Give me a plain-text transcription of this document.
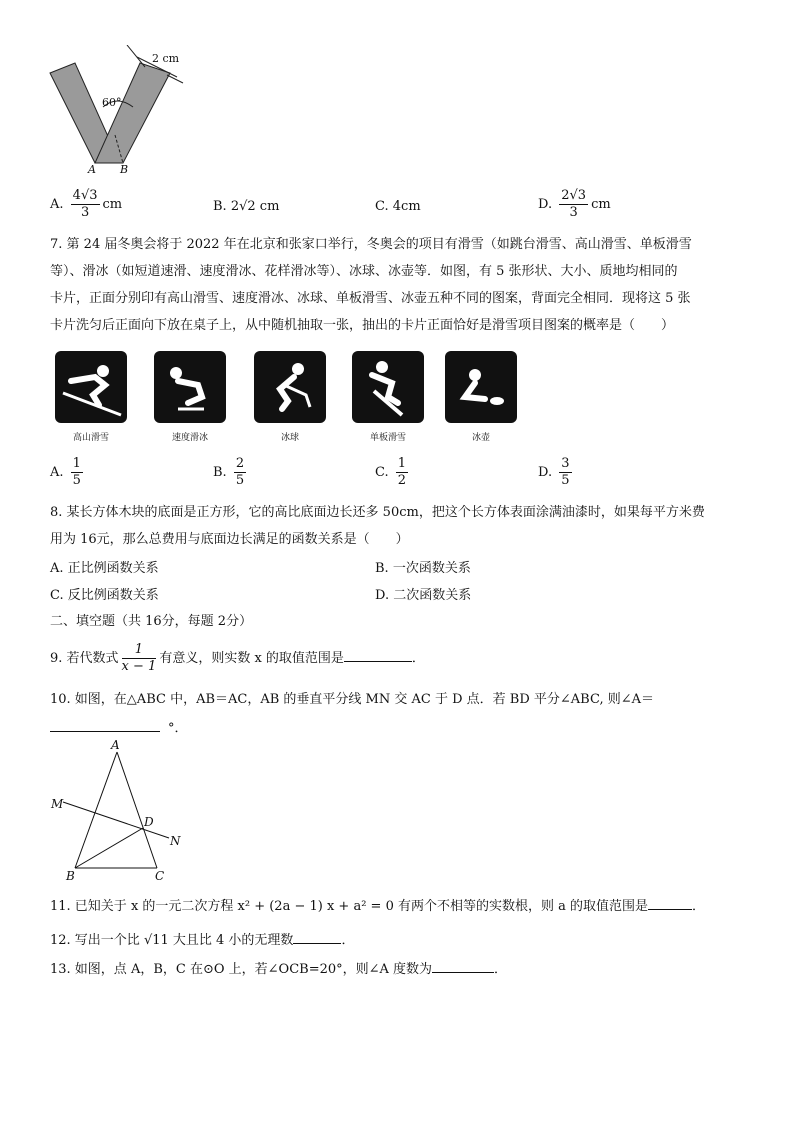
60°
2 cm
A B
A. $\frac{4√3}{3}$ cm	B. 2√2 cm	C. 4cm	D. $\frac{2√3}{3}$ cm
7. 第 24 届冬奥会将于 2022 年在北京和张家口举行，冬奥会的项目有滑雪（如跳台滑雪、高山滑雪、单板滑雪
等）、滑冰（如短道速滑、速度滑冰、花样滑冰等）、冰球、冰壶等．如图，有 5 张形状、大小、质地均相同的
卡片，正面分别印有高山滑雪、速度滑冰、冰球、单板滑雪、冰壶五种不同的图案，背面完全相同．现将这 5 张
卡片洗匀后正面向下放在桌子上，从中随机抽取一张，抽出的卡片正面恰好是滑雪项目图案的概率是（　　）
高山滑雪	速度滑冰	冰球	单板滑雪	冰壶
A. $\frac{1}{5}$	B. $\frac{2}{5}$	C. $\frac{1}{2}$	D. $\frac{3}{5}$
8. 某长方体木块的底面是正方形，它的高比底面边长还多 50cm，把这个长方体表面涂满油漆时，如果每平方米费
用为 16元，那么总费用与底面边长满足的函数关系是（　　）
A. 正比例函数关系	B. 一次函数关系
C. 反比例函数关系	D. 二次函数关系
二、填空题（共 16分，每题 2分）
9. 若代数式 $\frac{1}{x - 1}$ 有意义，则实数 x 的取值范围是	．
10. 如图，在△ABC 中，AB＝AC，AB 的垂直平分线 MN 交 AC 于 D 点．若 BD 平分∠ABC, 则∠A＝
°．
A
M
D
N
B	C
11. 已知关于 x 的一元二次方程 x² + (2a − 1) x + a² = 0 有两个不相等的实数根，则 a 的取值范围是	．
12. 写出一个比 √11 大且比 4 小的无理数	．
13. 如图，点 A，B，C 在⊙O 上，若∠OCB=20°，则∠A 度数为	．
